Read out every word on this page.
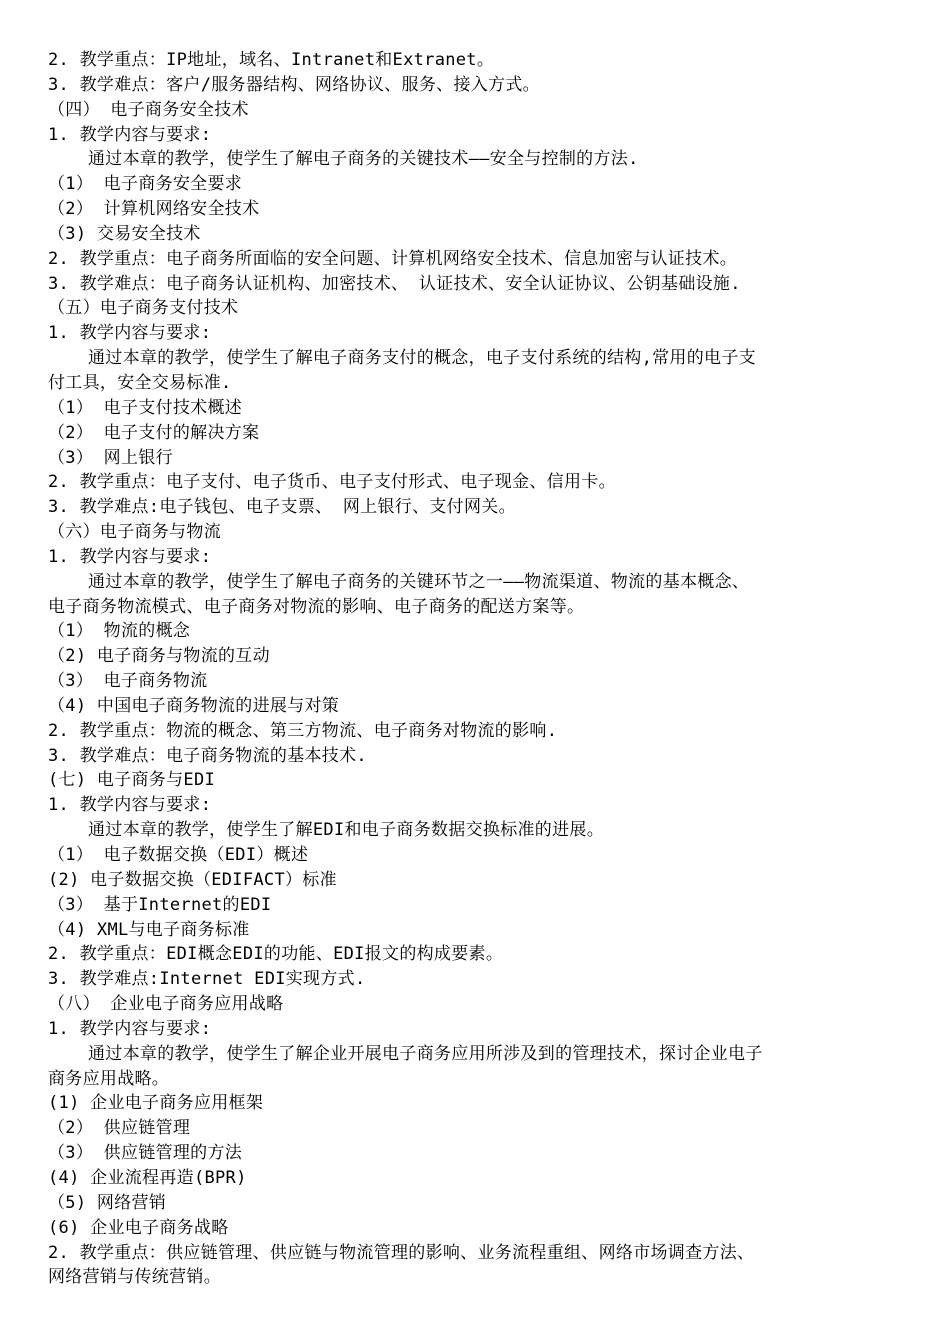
2. 教学重点：IP地址，域名、Intranet和Extranet。
3. 教学难点：客户/服务器结构、网络协议、服务、接入方式。
（四） 电子商务安全技术
1. 教学内容与要求:
通过本章的教学，使学生了解电子商务的关键技术——安全与控制的方法.
（1） 电子商务安全要求
（2） 计算机网络安全技术
（3) 交易安全技术
2. 教学重点：电子商务所面临的安全问题、计算机网络安全技术、信息加密与认证技术。
3. 教学难点：电子商务认证机构、加密技术、 认证技术、安全认证协议、公钥基础设施.
（五）电子商务支付技术
1. 教学内容与要求:
通过本章的教学，使学生了解电子商务支付的概念，电子支付系统的结构,常用的电子支
付工具，安全交易标准.
（1） 电子支付技术概述
（2） 电子支付的解决方案
（3） 网上银行
2. 教学重点：电子支付、电子货币、电子支付形式、电子现金、信用卡。
3. 教学难点:电子钱包、电子支票、 网上银行、支付网关。
（六）电子商务与物流
1. 教学内容与要求:
通过本章的教学，使学生了解电子商务的关键环节之一——物流渠道、物流的基本概念、
电子商务物流模式、电子商务对物流的影响、电子商务的配送方案等。
（1） 物流的概念
（2) 电子商务与物流的互动
（3） 电子商务物流
（4) 中国电子商务物流的进展与对策
2. 教学重点：物流的概念、第三方物流、电子商务对物流的影响.
3. 教学难点：电子商务物流的基本技术.
(七) 电子商务与EDI
1. 教学内容与要求:
通过本章的教学，使学生了解EDI和电子商务数据交换标准的进展。
（1） 电子数据交换（EDI）概述
(2) 电子数据交换（EDIFACT）标准
（3） 基于Internet的EDI
（4) XML与电子商务标准
2. 教学重点：EDI概念EDI的功能、EDI报文的构成要素。
3. 教学难点:Internet EDI实现方式.
（八） 企业电子商务应用战略
1. 教学内容与要求:
通过本章的教学，使学生了解企业开展电子商务应用所涉及到的管理技术，探讨企业电子
商务应用战略。
(1) 企业电子商务应用框架
（2） 供应链管理
（3） 供应链管理的方法
(4) 企业流程再造(BPR)
（5) 网络营销
(6) 企业电子商务战略
2. 教学重点：供应链管理、供应链与物流管理的影响、业务流程重组、网络市场调查方法、
网络营销与传统营销。
